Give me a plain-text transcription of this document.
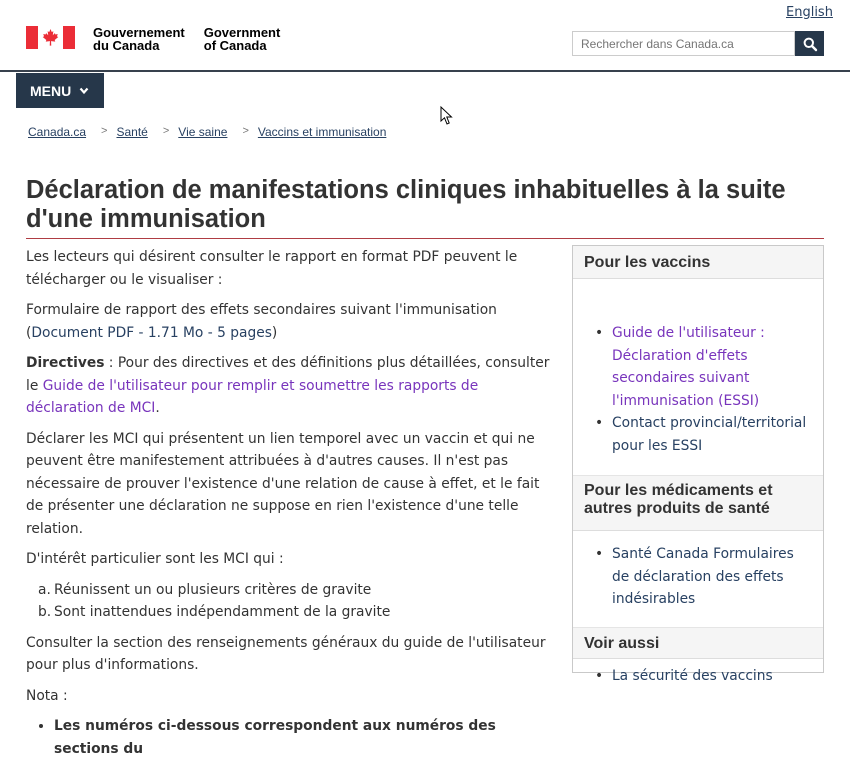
English
Gouvernement
du Canada
Government
of Canada
Rechercher dans Canada.ca
MENU
Canada.ca > Santé > Vie saine > Vaccins et immunisation
Déclaration de manifestations cliniques inhabituelles à la suite d'une immunisation

Les lecteurs qui désirent consulter le rapport en format PDF peuvent le télécharger ou le visualiser :

Formulaire de rapport des effets secondaires suivant l'immunisation
(Document PDF - 1.71 Mo - 5 pages)

Directives : Pour des directives et des définitions plus détaillées, consulter le Guide de l'utilisateur pour remplir et soumettre les rapports de déclaration de MCI.

Déclarer les MCI qui présentent un lien temporel avec un vaccin et qui ne peuvent être manifestement attribuées à d'autres causes. Il n'est pas nécessaire de prouver l'existence d'une relation de cause à effet, et le fait de présenter une déclaration ne suppose en rien l'existence d'une telle relation.

D'intérêt particulier sont les MCI qui :

a. Réunissent un ou plusieurs critères de gravite
b. Sont inattendues indépendamment de la gravite

Consulter la section des renseignements généraux du guide de l'utilisateur pour plus d'informations.

Nota :

• Les numéros ci-dessous correspondent aux numéros des sections du
Pour les vaccins
• Guide de l'utilisateur : Déclaration d'effets secondaires suivant l'immunisation (ESSI)
• Contact provincial/territorial pour les ESSI
Pour les médicaments et autres produits de santé
• Santé Canada Formulaires de déclaration des effets indésirables
Voir aussi
• La sécurité des vaccins
